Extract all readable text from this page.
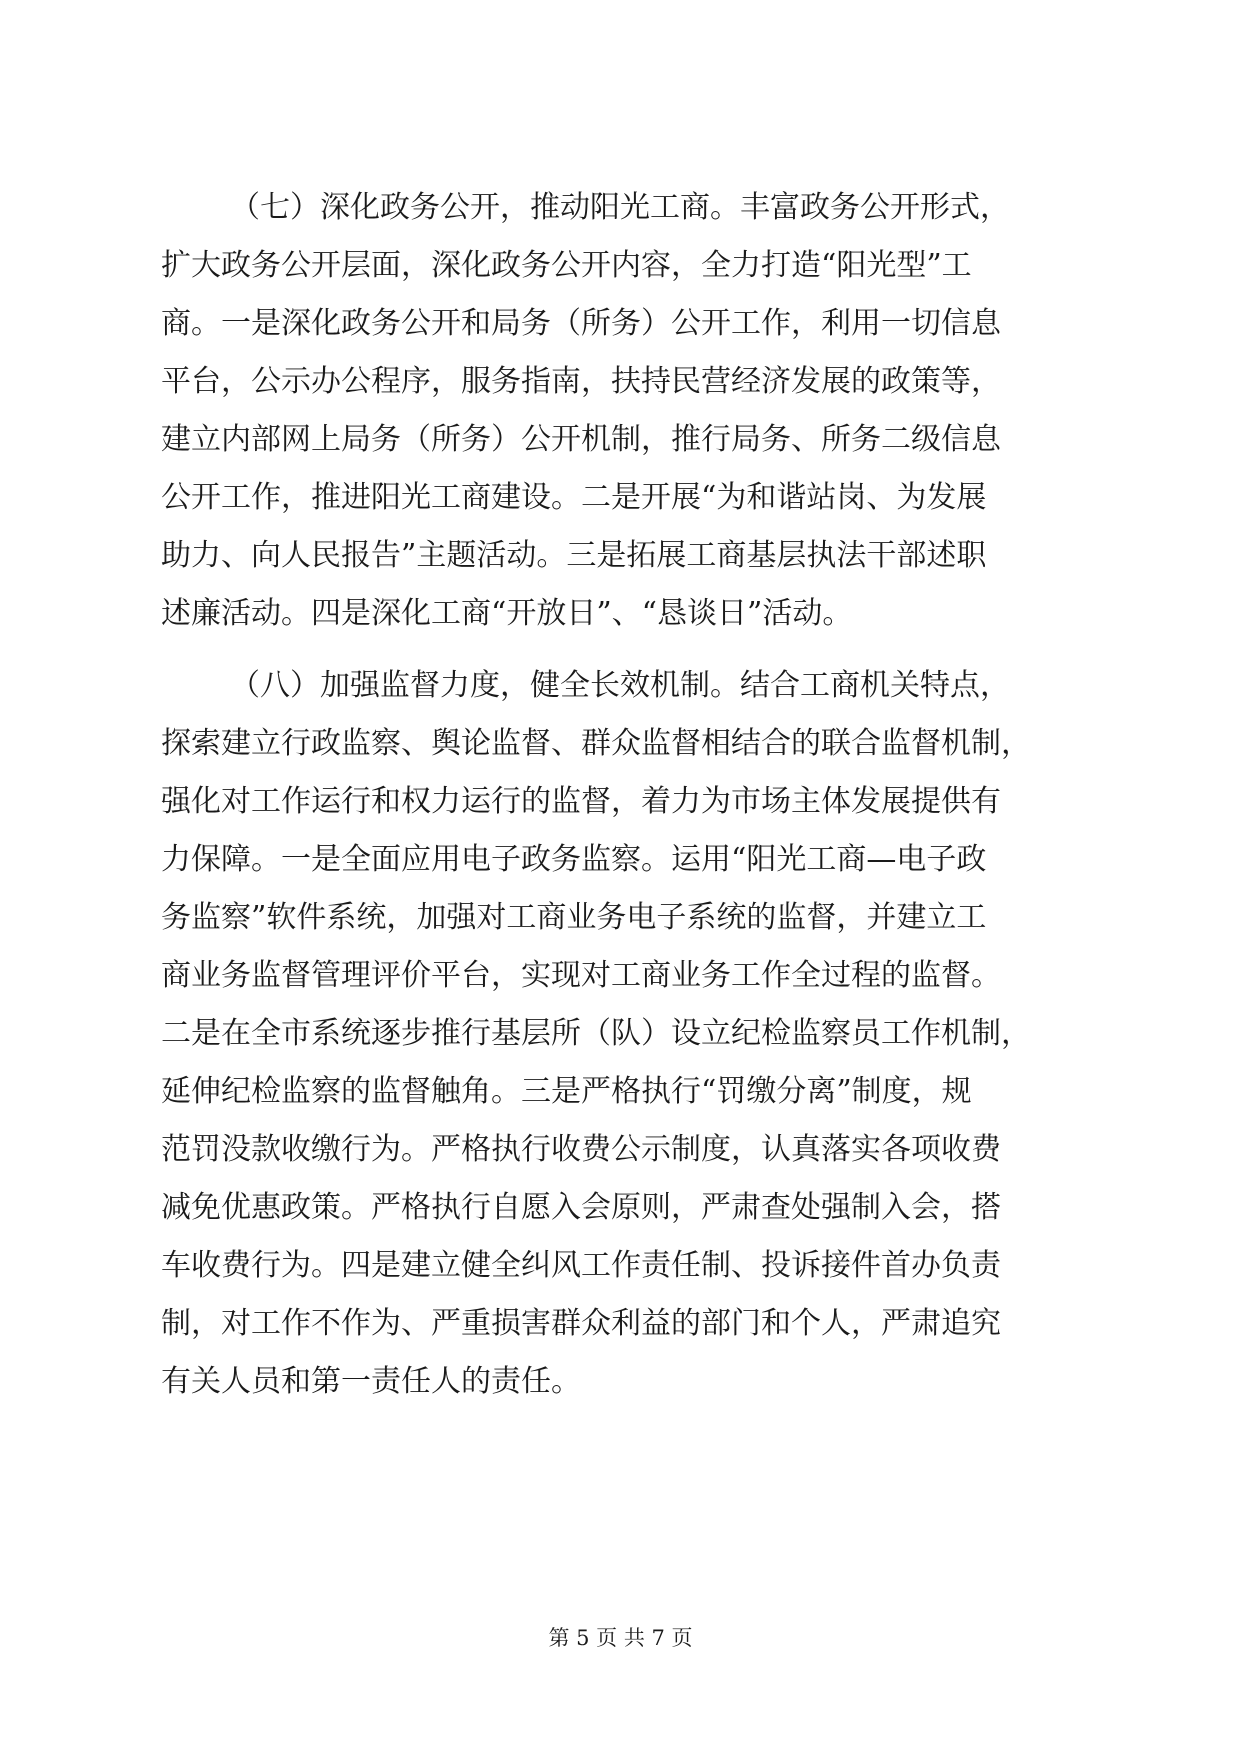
（七）深化政务公开，推动阳光工商。丰富政务公开形式，
扩大政务公开层面，深化政务公开内容，全力打造“阳光型”工
商。一是深化政务公开和局务（所务）公开工作，利用一切信息
平台，公示办公程序，服务指南，扶持民营经济发展的政策等，
建立内部网上局务（所务）公开机制，推行局务、所务二级信息
公开工作，推进阳光工商建设。二是开展“为和谐站岗、为发展
助力、向人民报告”主题活动。三是拓展工商基层执法干部述职
述廉活动。四是深化工商“开放日”、“恳谈日”活动。
（八）加强监督力度，健全长效机制。结合工商机关特点，
探索建立行政监察、舆论监督、群众监督相结合的联合监督机制，
强化对工作运行和权力运行的监督，着力为市场主体发展提供有
力保障。一是全面应用电子政务监察。运用“阳光工商—电子政
务监察”软件系统，加强对工商业务电子系统的监督，并建立工
商业务监督管理评价平台，实现对工商业务工作全过程的监督。
二是在全市系统逐步推行基层所（队）设立纪检监察员工作机制，
延伸纪检监察的监督触角。三是严格执行“罚缴分离”制度，规
范罚没款收缴行为。严格执行收费公示制度，认真落实各项收费
减免优惠政策。严格执行自愿入会原则，严肃查处强制入会，搭
车收费行为。四是建立健全纠风工作责任制、投诉接件首办负责
制，对工作不作为、严重损害群众利益的部门和个人，严肃追究
有关人员和第一责任人的责任。
第 5 页 共 7 页
